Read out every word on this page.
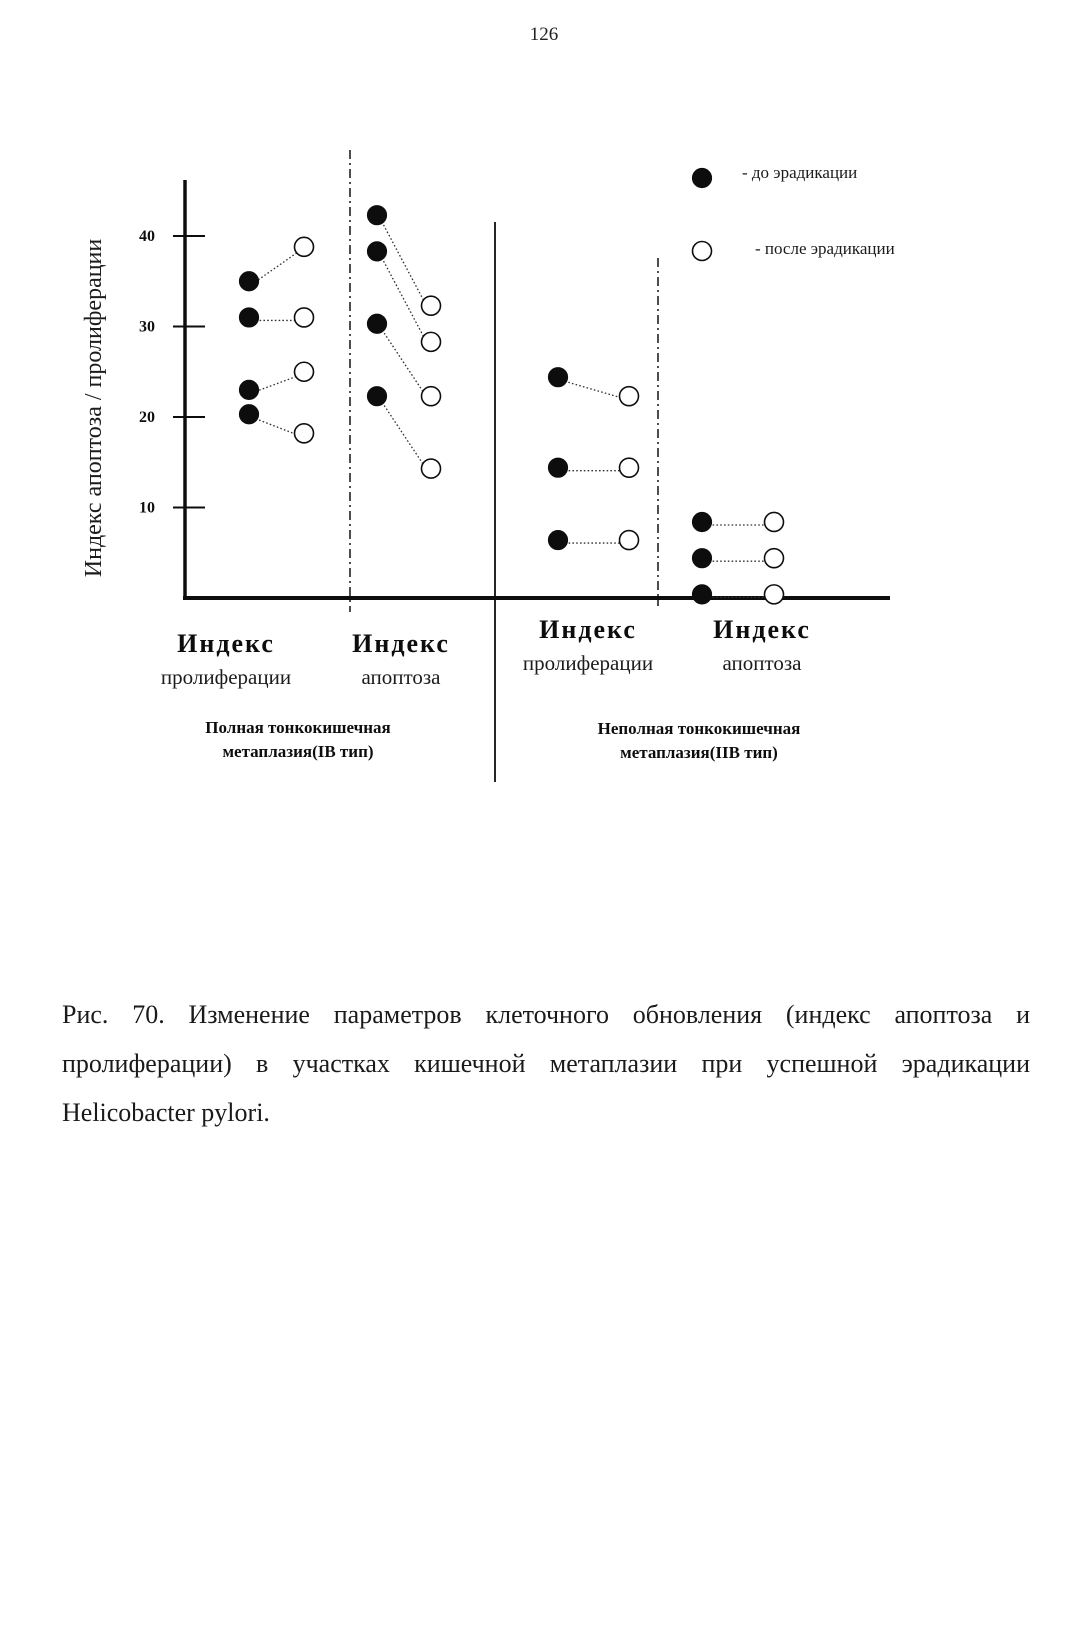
126
10
20
30
40
Индекс апоптоза / пролиферации
Индекс
пролиферации
Индекс
апоптоза
Индекс
пролиферации
Индекс
апоптоза
Полная тонкокишечная
метаплазия(IB тип)
Неполная тонкокишечная
метаплазия(IIB тип)
- до эрадикации
- после эрадикации
Рис. 70. Изменение параметров клеточного обновления (индекс апоптоза и пролиферации) в участках кишечной метаплазии при успешной эрадикации Helicobacter pylori.
